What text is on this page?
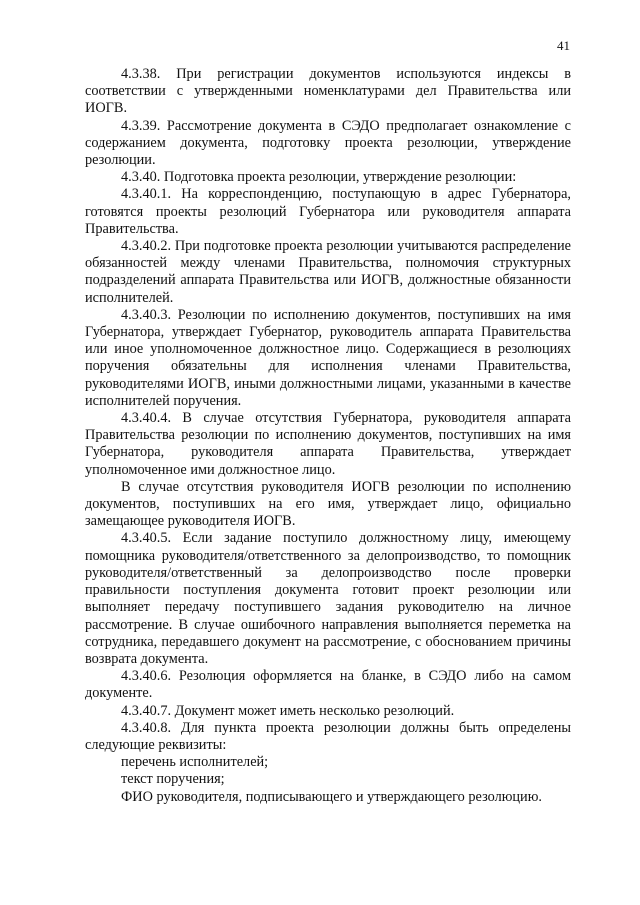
41

4.3.38. При регистрации документов используются индексы в соответствии с утвержденными номенклатурами дел Правительства или ИОГВ.

4.3.39. Рассмотрение документа в СЭДО предполагает ознакомление с содержанием документа, подготовку проекта резолюции, утверждение резолюции.

4.3.40. Подготовка проекта резолюции, утверждение резолюции:

4.3.40.1. На корреспонденцию, поступающую в адрес Губернатора, готовятся проекты резолюций Губернатора или руководителя аппарата Правительства.

4.3.40.2. При подготовке проекта резолюции учитываются распределение обязанностей между членами Правительства, полномочия структурных подразделений аппарата Правительства или ИОГВ, должностные обязанности исполнителей.

4.3.40.3. Резолюции по исполнению документов, поступивших на имя Губернатора, утверждает Губернатор, руководитель аппарата Правительства или иное уполномоченное должностное лицо. Содержащиеся в резолюциях поручения обязательны для исполнения членами Правительства, руководителями ИОГВ, иными должностными лицами, указанными в качестве исполнителей поручения.

4.3.40.4. В случае отсутствия Губернатора, руководителя аппарата Правительства резолюции по исполнению документов, поступивших на имя Губернатора, руководителя аппарата Правительства, утверждает уполномоченное ими должностное лицо.

В случае отсутствия руководителя ИОГВ резолюции по исполнению документов, поступивших на его имя, утверждает лицо, официально замещающее руководителя ИОГВ.

4.3.40.5. Если задание поступило должностному лицу, имеющему помощника руководителя/ответственного за делопроизводство, то помощник руководителя/ответственный за делопроизводство после проверки правильности поступления документа готовит проект резолюции или выполняет передачу поступившего задания руководителю на личное рассмотрение. В случае ошибочного направления выполняется переметка на сотрудника, передавшего документ на рассмотрение, с обоснованием причины возврата документа.

4.3.40.6. Резолюция оформляется на бланке, в СЭДО либо на самом документе.

4.3.40.7. Документ может иметь несколько резолюций.

4.3.40.8. Для пункта проекта резолюции должны быть определены следующие реквизиты:

перечень исполнителей;

текст поручения;

ФИО руководителя, подписывающего и утверждающего резолюцию.
